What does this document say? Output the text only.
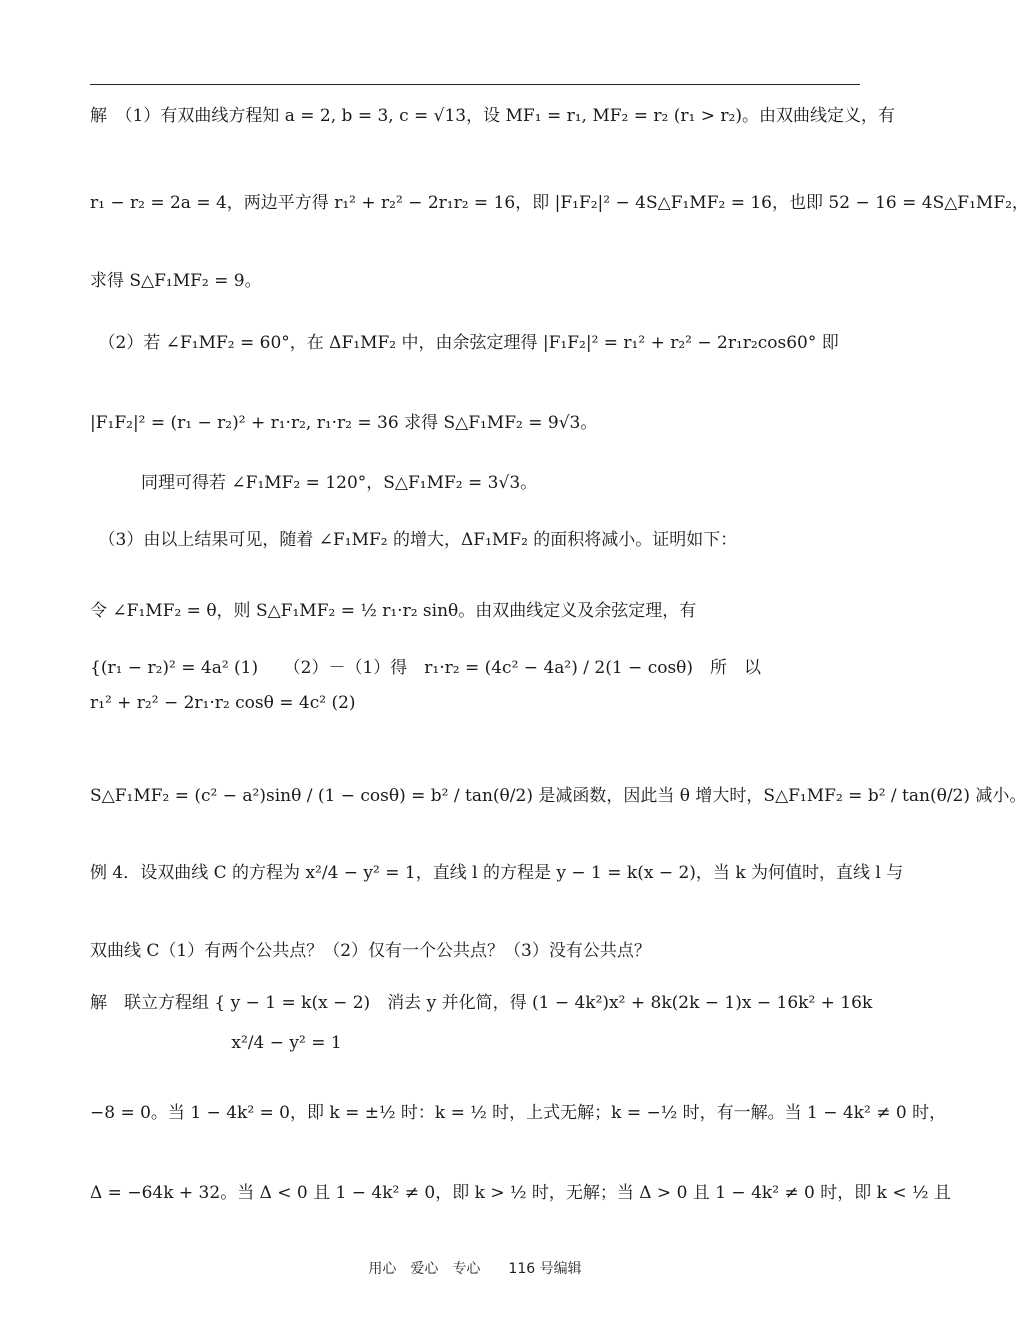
解　（1）有双曲线方程知 a = 2, b = 3, c = √13，设 MF₁ = r₁, MF₂ = r₂ (r₁ > r₂)。由双曲线定义，有
r₁ − r₂ = 2a = 4，两边平方得 r₁² + r₂² − 2r₁r₂ = 16，即 |F₁F₂|² − 4S△F₁MF₂ = 16，也即 52 − 16 = 4S△F₁MF₂，
求得 S△F₁MF₂ = 9。
　（2）若 ∠F₁MF₂ = 60°，在 ΔF₁MF₂ 中，由余弦定理得 |F₁F₂|² = r₁² + r₂² − 2r₁r₂cos60° 即
|F₁F₂|² = (r₁ − r₂)² + r₁·r₂, r₁·r₂ = 36 求得 S△F₁MF₂ = 9√3。
　　　同理可得若 ∠F₁MF₂ = 120°，S△F₁MF₂ = 3√3。
　（3）由以上结果可见，随着 ∠F₁MF₂ 的增大，ΔF₁MF₂ 的面积将减小。证明如下：
令 ∠F₁MF₂ = θ，则 S△F₁MF₂ = ½ r₁·r₂ sinθ。由双曲线定义及余弦定理，有
{(r₁ − r₂)² = 4a² (1)　　（2）－（1）得　r₁·r₂ = (4c² − 4a²) / 2(1 − cosθ)　所　以
r₁² + r₂² − 2r₁·r₂ cosθ = 4c² (2)
S△F₁MF₂ = (c² − a²)sinθ / (1 − cosθ) = b² / tan(θ/2) 是减函数，因此当 θ 增大时，S△F₁MF₂ = b² / tan(θ/2) 减小。
例 4．设双曲线 C 的方程为 x²/4 − y² = 1，直线 l 的方程是 y − 1 = k(x − 2)，当 k 为何值时，直线 l 与
双曲线 C（1）有两个公共点？（2）仅有一个公共点？（3）没有公共点？
解　联立方程组 { y − 1 = k(x − 2)　消去 y 并化简，得 (1 − 4k²)x² + 8k(2k − 1)x − 16k² + 16k
　　　　　　　　 x²/4 − y² = 1
−8 = 0。当 1 − 4k² = 0，即 k = ±½ 时：k = ½ 时，上式无解；k = −½ 时，有一解。当 1 − 4k² ≠ 0 时，
Δ = −64k + 32。当 Δ < 0 且 1 − 4k² ≠ 0，即 k > ½ 时，无解；当 Δ > 0 且 1 − 4k² ≠ 0 时，即 k < ½ 且
用心　爱心　专心　　116 号编辑
